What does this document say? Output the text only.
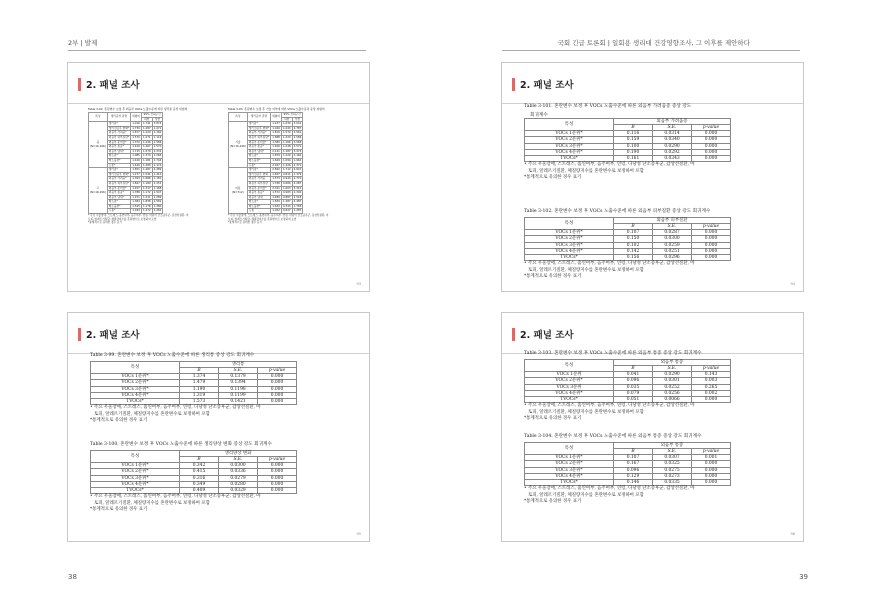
2부 | 발제	국회 긴급 토론회 | 일회용 생리대 건강영향조사, 그 이후를 제안하다
2. 패널 조사
Table 3-92. 혼란변수 보정 후 외음부 VOCs 노출수준에 따른 생리통 증상 위험비
특성	생리증상 관련	위험비	95% 신뢰구간	
			하한	상한
중
(N=16,196)	생리통*	1.016	1.741	3.874
	생리전증후 변화*	1.739	1.287	1.471
	외음부 가려움*	1.877	1.220	1.160
	외음부 피부질환*	1.570	1.271	1.116
	외음부 분비물*	1.370	1.246	1.586
	외음부 통증*	1.420	1.467	1.570
	외음부 냄새*	1.715	1.279	1.231
	배뇨통*	1.085	1.370	1.266
	배뇨불편*	1.440	1.181	1.744
	두통*	1.440	1.280	1.174
고
(N=16,196)	생리통*	1.651	1.287	4.489
	생리전증후 변화*	1.277	1.541	1.410
	외음부 가려움*	1.393	1.686	1.181
	외음부 피부질환*	1.847	1.180	1.251
	외음부 분비물*	1.457	1.317	1.168
	외음부 통증*	1.788	1.172	1.547
	외음부 냄새*	1.971	1.411	1.289
	배뇨통*	1.384	1.836	1.581
	배뇨불편*	1.545	1.178	1.380
	두통*	1.184	1.472	1.281
* 주요 우울장애, 스트레스, 흡연여부, 음주여부, 연령, 마냥이 난소증후군, 갑상선질환, 아
토피, 알레르기질환, 체질량지수를 혼란변수로 보정하여 포함
*통계적으로 유의한 경우 표기
Table 3-93. 혼란변수 보정 후 기술 여부에 따른 VOCs 노출수준과 증상 위험비
특성	생리증상 관련	위험비	95% 신뢰구간	
			하한	상한
기술
(N=16,196)	생리통*	1.237	1.034	3.041
	생리전증후 변화*	1.049	1.043	4.787
	외음부 가려움*	1.819	1.570	2.561
	외음부 피부질환*	1.688	1.229	2.586
	외음부 분비물*	1.380	1.166	3.568
	외음부 통증*	1.406	1.048	3.571
	외음부 냄새*	2.121	1.187	3.474
	배뇨통*	1.879	1.229	3.162
	배뇨불편*	1.629	1.094	1.962
	두통*	2.027	1.426	2.371
미용
(N=712)	생리통*	2.562	1.712	4.647
	생리전증후 변화	1.847	0.811	1.379
	외음부 가려움	1.573	0.944	2.770
	외음부 피부질환	1.338	0.680	2.287
	외음부 분비물*	2.341	1.603	4.312
	외음부 통증*	1.572	0.983	2.300
	외음부 냄새	1.489	0.887	2.518
	배뇨통*	1.839	1.287	4.487
	배뇨불편*	1.632	0.344	1.783
	두통	1.022	0.627	1.287
* 주요 우울장애, 스트레스, 흡연여부, 음주여부, 연령, 마냥이 난소증후군, 갑상선질환, 아
토피, 알레르기질환, 체질량지수를 혼란변수로 보정하여 포함
*통계적으로 유의한 경우 표기
93
2. 패널 조사
Table 3-101. 혼란변수 보정 후 VOCs 노출수준에 따른 외음부 가려움증 증상 강도
회귀계수
특성	외음부 가려움증		
	B	S.E.	p-value
VOCs 1분위*	0.116	0.0314	0.000
VOCs 2분위*	0.159	0.0340	0.000
VOCs 3분위*	0.100	0.0290	0.000
VOCs 4분위*	0.190	0.0292	0.000
TVOCs*	0.161	0.0343	0.000
• 주요 우울장애, 스트레스, 흡연여부, 음주여부, 연령, 다낭성 난소증후군, 갑상선질환, 아
토피, 알레르기질환, 체질량지수를 혼란변수로 보정하여 포함
*통계적으로 유의한 경우 표기
Table 3-102. 혼란변수 보정 후 VOCs 노출수준에 따른 외음부 피부질환 증상 강도 회귀계수
특성	외음부 피부질환		
	B	S.E.	p-value
VOCs 1분위*	0.107	0.0287	0.000
VOCs 2분위*	0.150	0.0300	0.000
VOCs 3분위*	0.102	0.0259	0.000
VOCs 4분위*	0.142	0.0251	0.000
TVOCs*	0.156	0.0296	0.000
• 주요 우울장애, 스트레스, 흡연여부, 음주여부, 연령, 다낭성 난소증후군, 갑상선질환, 아
토피, 알레르기질환, 체질량지수를 혼란변수로 보정하여 포함
*통계적으로 유의한 경우 표기
94
2. 패널 조사
Table 3-99. 혼란변수 보정 후 VOCs 노출수준에 따른 생리통 증상 강도 회귀계수
특성	생리통		
	B	S.E.	p-value
VOCs 1분위*	1.374	0.1379	0.000
VOCs 2분위*	1.479	0.1394	0.000
VOCs 3분위*	1.190	0.1198	0.000
VOCs 4분위*	1.319	0.1199	0.000
TVOCs*	1.573	0.1421	0.000
• 주요 우울장애, 스트레스, 흡연여부, 음주여부, 연령, 다낭성 난소증후군, 갑상선질환, 아
토피, 알레르기질환, 체질량지수를 혼란변수로 보정하여 포함
*통계적으로 유의한 경우 표기
Table 3-100. 혼란변수 보정 후 VOCs 노출수준에 따른 생리양상 변화 증상 강도 회귀계수
특성	생리양상 변화		
	B	S.E.	p-value
VOCs 1분위*	0.342	0.0300	0.000
VOCs 2분위*	0.415	0.0336	0.000
VOCs 3분위*	0.316	0.0279	0.000
VOCs 4분위*	0.349	0.0280	0.000
TVOCs*	0.409	0.0329	0.000
• 주요 우울장애, 스트레스, 흡연여부, 음주여부, 연령, 다낭성 난소증후군, 갑상선질환, 아
토피, 알레르기질환, 체질량지수를 혼란변수로 보정하여 포함
*통계적으로 유의한 경우 표기
95
2. 패널 조사
Table 3-103. 혼란변수 보정 후 VOCs 노출수준에 따른 외음부 통증 증상 강도 회귀계수
특성	외음부 통증		
	B	S.E.	p-value
VOCs 1분위	0.041	0.0290	0.143
VOCs 2분위*	0.096	0.0301	0.003
VOCs 3분위	0.035	0.0252	0.265
VOCs 4분위*	0.079	0.0256	0.002
TVOCs*	0.051	0.0066	0.000
• 주요 우울장애, 스트레스, 흡연여부, 음주여부, 연령, 다낭성 난소증후군, 갑상선질환, 아
토피, 알레르기질환, 체질량지수를 혼란변수로 보정하여 포함
*통계적으로 유의한 경우 표기
Table 3-104. 혼란변수 보정 후 VOCs 노출수준에 따른 외음부 통증 증상 강도 회귀계수
특성	외음부 통증		
	B	S.E.	p-value
VOCs 1분위*	0.107	0.0307	0.001
VOCs 2분위*	0.167	0.0325	0.000
VOCs 3분위*	0.096	0.0275	0.000
VOCs 4분위*	0.129	0.0273	0.000
TVOCs*	0.146	0.0335	0.000
• 주요 우울장애, 스트레스, 흡연여부, 음주여부, 연령, 다낭성 난소증후군, 갑상선질환, 아
토피, 알레르기질환, 체질량지수를 혼란변수로 보정하여 포함
*통계적으로 유의한 경우 표기
96
38	39
